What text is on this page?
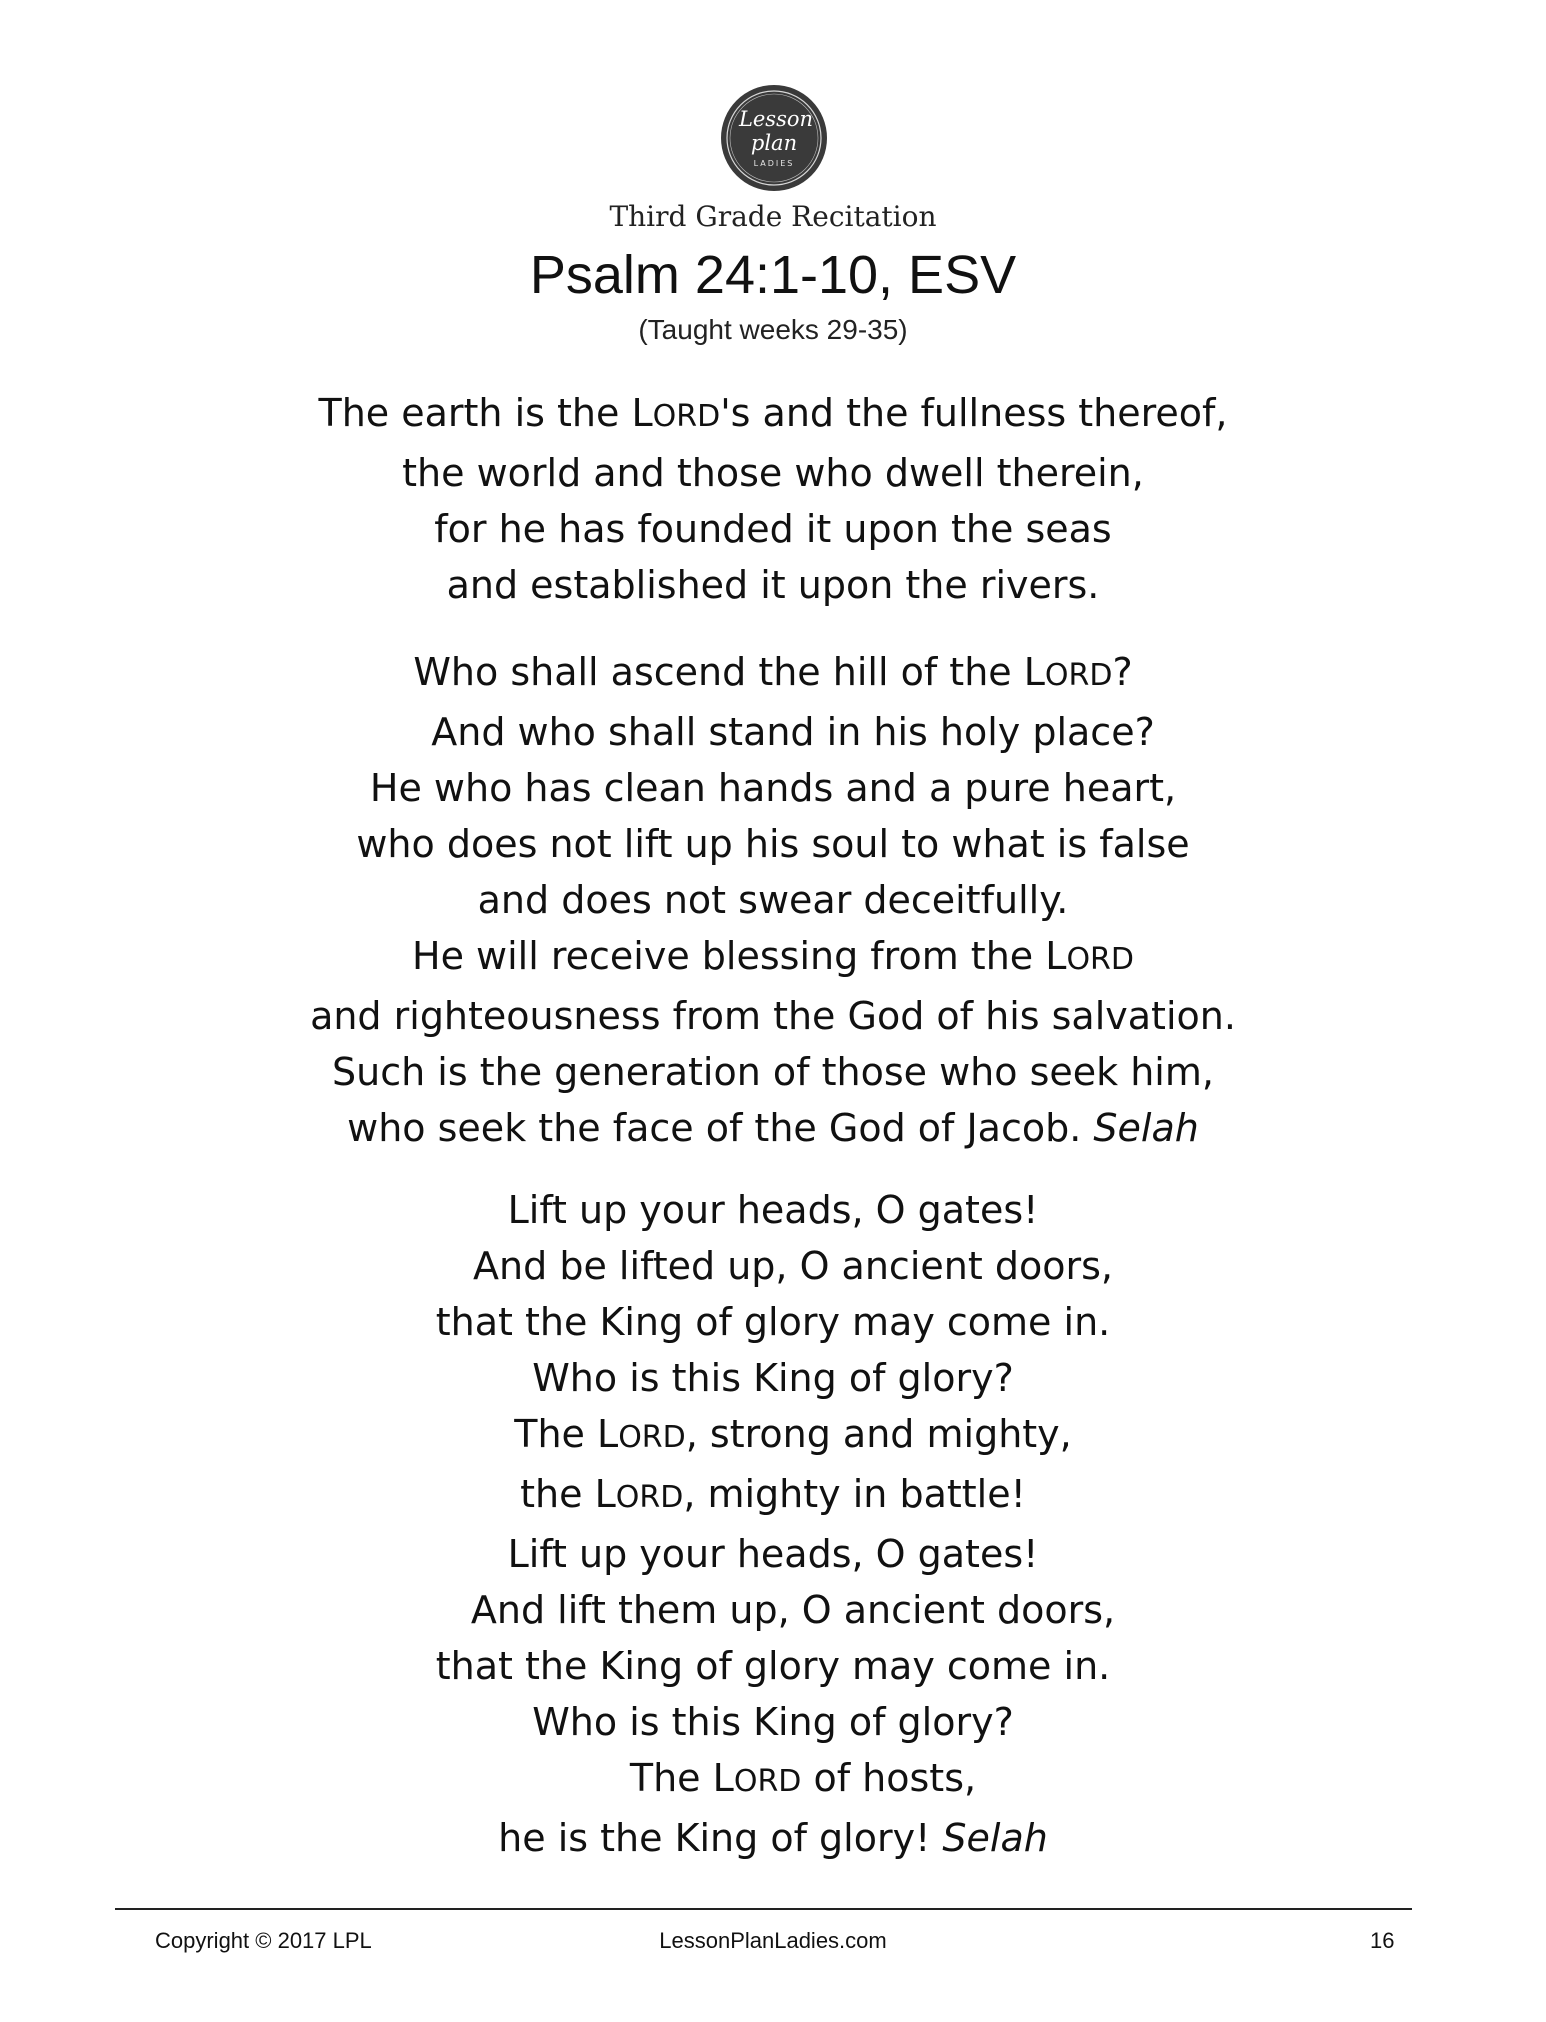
Lesson
plan
LADIES
Third Grade Recitation
Psalm 24:1-10, ESV
(Taught weeks 29-35)
The earth is the LORD's and the fullness thereof,
the world and those who dwell therein,
for he has founded it upon the seas
and established it upon the rivers.
Who shall ascend the hill of the LORD?
And who shall stand in his holy place?
He who has clean hands and a pure heart,
who does not lift up his soul to what is false
and does not swear deceitfully.
He will receive blessing from the LORD
and righteousness from the God of his salvation.
Such is the generation of those who seek him,
who seek the face of the God of Jacob. Selah
Lift up your heads, O gates!
And be lifted up, O ancient doors,
that the King of glory may come in.
Who is this King of glory?
The LORD, strong and mighty,
the LORD, mighty in battle!
Lift up your heads, O gates!
And lift them up, O ancient doors,
that the King of glory may come in.
Who is this King of glory?
The LORD of hosts,
he is the King of glory! Selah
Copyright © 2017 LPL	LessonPlanLadies.com	16
